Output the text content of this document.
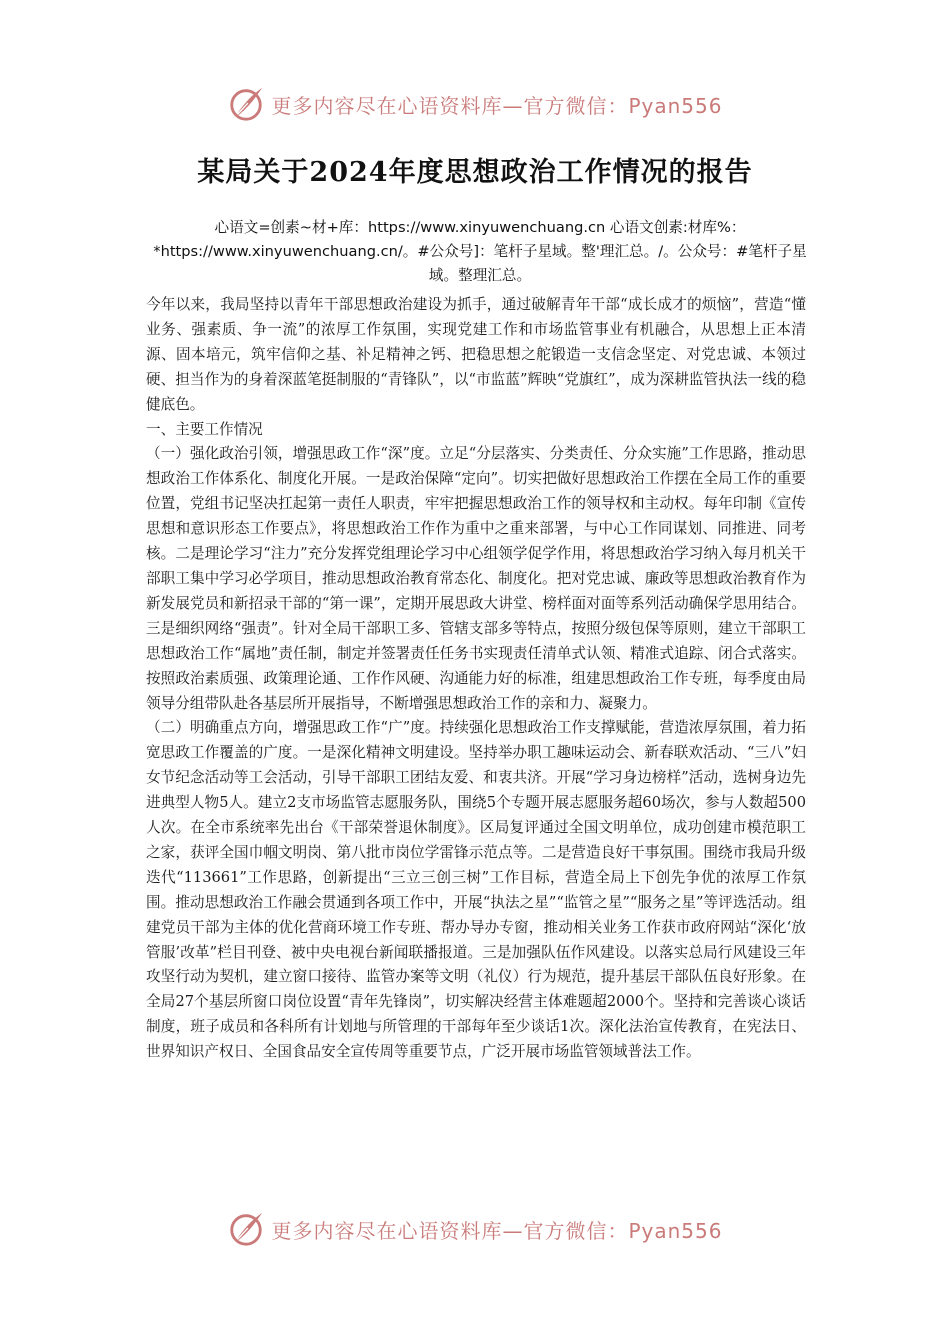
更多内容尽在心语资料库—官方微信：Pyan556
某局关于2024年度思想政治工作情况的报告

心语文=创素~材+库：https://www.xinyuwenchuang.cn 心语文创素:材库%：*https://www.xinyuwenchuang.cn/。#公众号]：笔杆子星域。整'理汇总。/。公众号：#笔杆子星域。整理汇总。

今年以来，我局坚持以青年干部思想政治建设为抓手，通过破解青年干部“成长成才的烦恼”，营造“懂业务、强素质、争一流”的浓厚工作氛围，实现党建工作和市场监管事业有机融合，从思想上正本清源、固本培元，筑牢信仰之基、补足精神之钙、把稳思想之舵锻造一支信念坚定、对党忠诚、本领过硬、担当作为的身着深蓝笔挺制服的“青锋队”，以“市监蓝”辉映“党旗红”，成为深耕监管执法一线的稳健底色。

一、主要工作情况

（一）强化政治引领，增强思政工作“深”度。立足“分层落实、分类责任、分众实施”工作思路，推动思想政治工作体系化、制度化开展。一是政治保障“定向”。切实把做好思想政治工作摆在全局工作的重要位置，党组书记坚决扛起第一责任人职责，牢牢把握思想政治工作的领导权和主动权。每年印制《宣传思想和意识形态工作要点》，将思想政治工作作为重中之重来部署，与中心工作同谋划、同推进、同考核。二是理论学习“注力”充分发挥党组理论学习中心组领学促学作用，将思想政治学习纳入每月机关干部职工集中学习必学项目，推动思想政治教育常态化、制度化。把对党忠诚、廉政等思想政治教育作为新发展党员和新招录干部的“第一课”，定期开展思政大讲堂、榜样面对面等系列活动确保学思用结合。三是细织网络“强责”。针对全局干部职工多、管辖支部多等特点，按照分级包保等原则，建立干部职工思想政治工作“属地”责任制，制定并签署责任任务书实现责任清单式认领、精准式追踪、闭合式落实。按照政治素质强、政策理论通、工作作风硬、沟通能力好的标准，组建思想政治工作专班，每季度由局领导分组带队赴各基层所开展指导，不断增强思想政治工作的亲和力、凝聚力。

（二）明确重点方向，增强思政工作“广”度。持续强化思想政治工作支撑赋能，营造浓厚氛围，着力拓宽思政工作覆盖的广度。一是深化精神文明建设。坚持举办职工趣味运动会、新春联欢活动、“三八”妇女节纪念活动等工会活动，引导干部职工团结友爱、和衷共济。开展“学习身边榜样”活动，选树身边先进典型人物5人。建立2支市场监管志愿服务队，围绕5个专题开展志愿服务超60场次，参与人数超500人次。在全市系统率先出台《干部荣誉退休制度》。区局复评通过全国文明单位，成功创建市模范职工之家，获评全国巾帼文明岗、第八批市岗位学雷锋示范点等。二是营造良好干事氛围。围绕市我局升级迭代“113661”工作思路，创新提出“三立三创三树”工作目标，营造全局上下创先争优的浓厚工作氛围。推动思想政治工作融会贯通到各项工作中，开展“执法之星”“监管之星”“服务之星”等评选活动。组建党员干部为主体的优化营商环境工作专班、帮办导办专窗，推动相关业务工作获市政府网站“深化‘放管服’改革”栏目刊登、被中央电视台新闻联播报道。三是加强队伍作风建设。以落实总局行风建设三年攻坚行动为契机，建立窗口接待、监管办案等文明（礼仪）行为规范，提升基层干部队伍良好形象。在全局27个基层所窗口岗位设置“青年先锋岗”，切实解决经营主体难题超2000个。坚持和完善谈心谈话制度，班子成员和各科所有计划地与所管理的干部每年至少谈话1次。深化法治宣传教育，在宪法日、世界知识产权日、全国食品安全宣传周等重要节点，广泛开展市场监管领域普法工作。

更多内容尽在心语资料库—官方微信：Pyan556
